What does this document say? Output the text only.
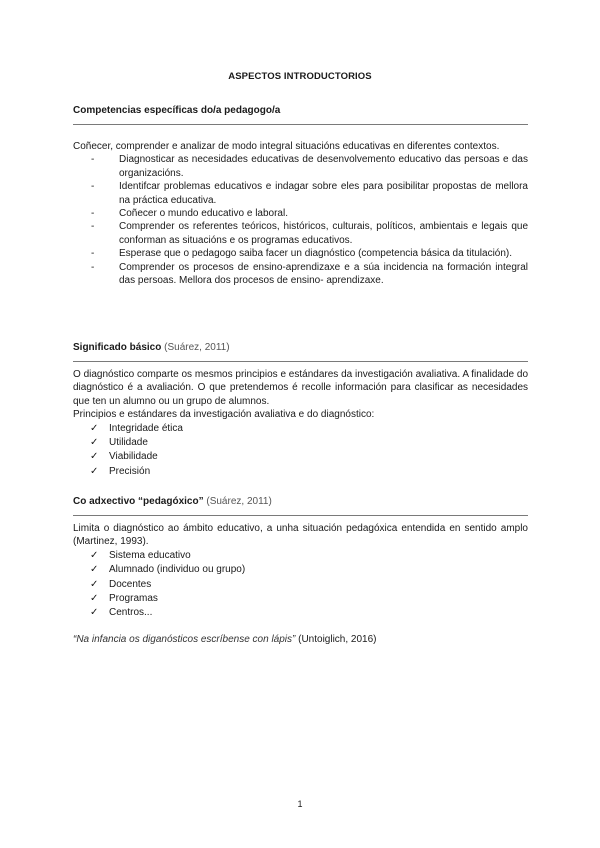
ASPECTOS INTRODUCTORIOS
Competencias específicas do/a pedagogo/a
Coñecer, comprender e analizar de modo integral situacións educativas en diferentes contextos.
- Diagnosticar as necesidades educativas de desenvolvemento educativo das persoas e das organizacións.
- Identifcar problemas educativos e indagar sobre eles para posibilitar propostas de mellora na práctica educativa.
- Coñecer o mundo educativo e laboral.
- Comprender os referentes teóricos, históricos, culturais, políticos, ambientais e legais que conforman as situacións e os programas educativos.
- Esperase que o pedagogo saiba facer un diagnóstico (competencia básica da titulación).
- Comprender os procesos de ensino-aprendizaxe e a súa incidencia na formación integral das persoas. Mellora dos procesos de ensino- aprendizaxe.
Significado básico (Suárez, 2011)
O diagnóstico comparte os mesmos principios e estándares da investigación avaliativa. A finalidade do diagnóstico é a avaliación. O que pretendemos é recolle información para clasificar as necesidades que ten un alumno ou un grupo de alumnos.
Principios e estándares da investigación avaliativa e do diagnóstico:
✓ Integridade ética
✓ Utilidade
✓ Viabilidade
✓ Precisión
Co adxectivo “pedagóxico” (Suárez, 2011)
Limita o diagnóstico ao ámbito educativo, a unha situación pedagóxica entendida en sentido amplo (Martinez, 1993).
✓ Sistema educativo
✓ Alumnado (individuo ou grupo)
✓ Docentes
✓ Programas
✓ Centros...
“Na infancia os diganósticos escríbense con lápis” (Untoiglich, 2016)
1
